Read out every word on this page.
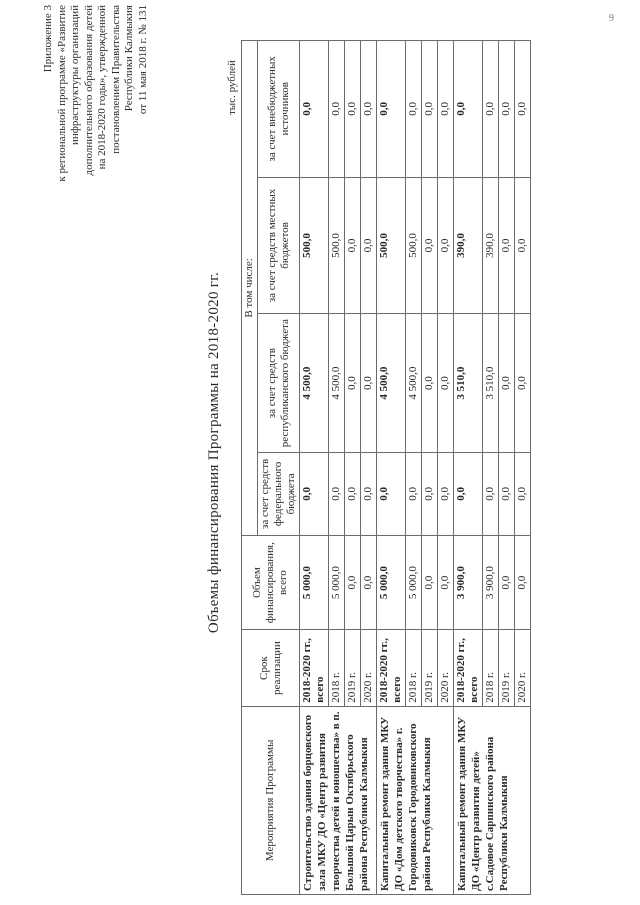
Приложение 3 к региональной программе «Развитие инфраструктуры организаций дополнительного образования детей на 2018-2020 годы», утвержденной постановлением Правительства Республики Калмыкия от 11 мая 2018 г. № 131
Объемы финансирования Программы на 2018-2020 гг.
тыс. рублей
Мероприятия Программы	Срок реализации	Объем финансирования, всего	В том числе:			
			за счет средств федерального бюджета	за счет средств республиканского бюджета	за счет средств местных бюджетов	за счет внебюджетных источников
Строительство здания борцовского зала МКУ ДО «Центр развития творчества детей и юношества» в п. Большой Царын Октябрьского района Республики Калмыкия	2018-2020 гг., всего	5 000,0	0,0	4 500,0	500,0	0,0
	2018 г.	5 000,0	0,0	4 500,0	500,0	0,0
	2019 г.	0,0	0,0	0,0	0,0	0,0
	2020 г.	0,0	0,0	0,0	0,0	0,0
Капитальный ремонт здания МКУ ДО «Дом детского творчества» г. Городовиковск Городовиковского района Республики Калмыкия	2018-2020 гг., всего	5 000,0	0,0	4 500,0	500,0	0,0
	2018 г.	5 000,0	0,0	4 500,0	500,0	0,0
	2019 г.	0,0	0,0	0,0	0,0	0,0
	2020 г.	0,0	0,0	0,0	0,0	0,0
Капитальный ремонт здания МКУ ДО «Центр развития детей» с.Садовое Сарпинского района Республики Калмыкия	2018-2020 гг., всего	3 900,0	0,0	3 510,0	390,0	0,0
	2018 г.	3 900,0	0,0	3 510,0	390,0	0,0
	2019 г.	0,0	0,0	0,0	0,0	0,0
	2020 г.	0,0	0,0	0,0	0,0	0,0
9
